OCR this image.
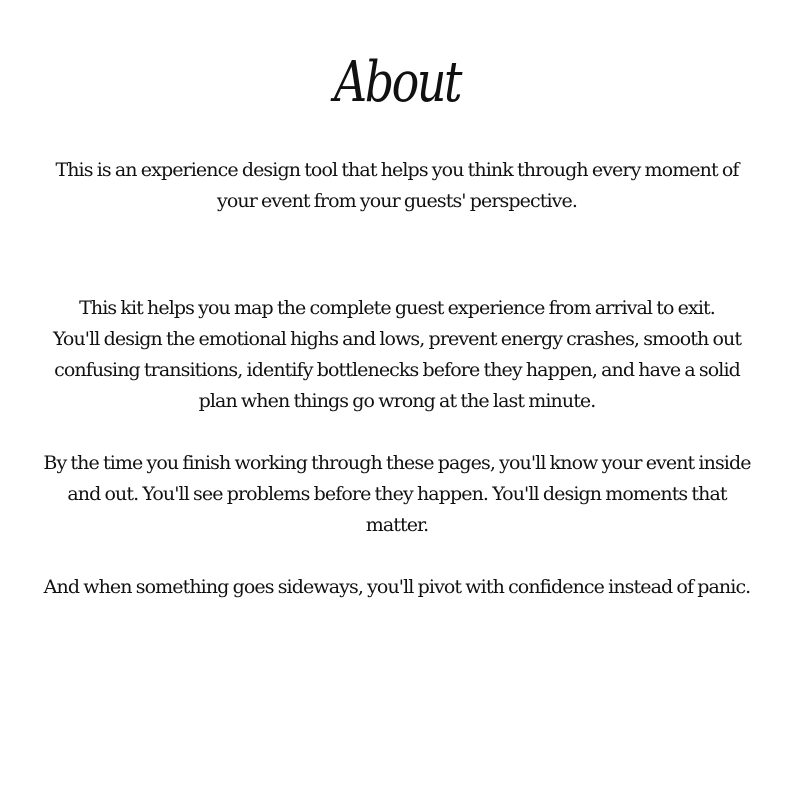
About

This is an experience design tool that helps you think through every moment of your event from your guests' perspective.

This kit helps you map the complete guest experience from arrival to exit.

You'll design the emotional highs and lows, prevent energy crashes, smooth out confusing transitions, identify bottlenecks before they happen, and have a solid plan when things go wrong at the last minute.

By the time you finish working through these pages, you'll know your event inside and out. You'll see problems before they happen. You'll design moments that matter.

And when something goes sideways, you'll pivot with confidence instead of panic.
